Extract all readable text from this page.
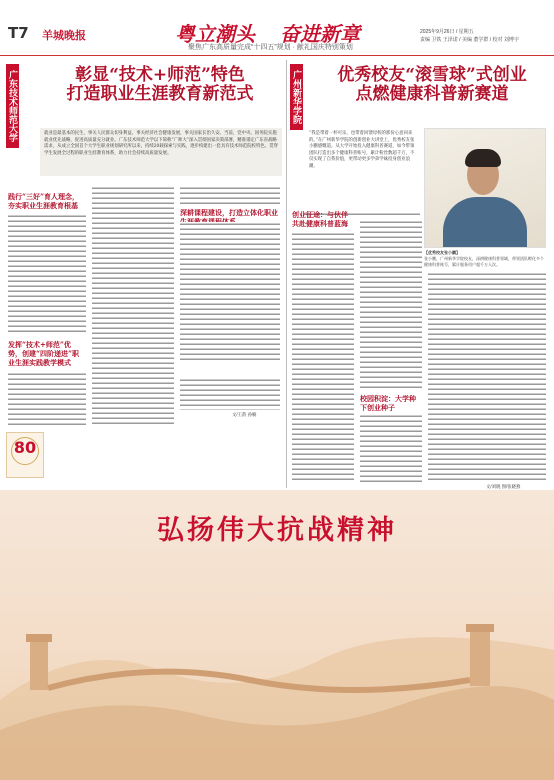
T7 羊城晚报	粤立潮头 奋进新章
聚焦广东高质量完成“十四五”规划 · 献礼国庆特别策划
2025年9月26日 / 星期五
责编 卫铁 王泽诺 / 美编 董学群 / 校对 刘博宇
广东技术师范大学	彰显“技术+师范”特色
打造职业生涯教育新范式
就业是最基本的民生，事关人民群众切身利益，事关经济社会健康发展，事关国家长治久安。当前，党中央、国务院实施就业优先战略，促进高质量充分就业。广东技术师范大学以下简称“广师大”深入贯彻国家决策部署，精准锚定广东省战略需求，从成立全国首个大学生职业规划研究所以来，持续20载探索与实践，逐步构建出一套具有技术师范院校特色、贯穿学生发展全过程的职业生涯教育体系，助力社会持续高质量发展。
践行“三好”育人理念，夯实职业生涯教育根基
发挥“技术+师范”优势，创建“四阶递进”职业生涯实践教学模式
深耕课程建设，打造立体化职业
文/王韵 孙楠
80
广州新华学院	优秀校友“滚雪球”式创业
点燃健康科普新赛道
“我是带着一杯可乐，也带着回馈母校的那份心意回来的。”在广州新华学院的创新创业大讲堂上，优秀校友张小鹏感慨道。从大学开始投入健康科普赛道，如今带领团队打造出多个健康科普账号，累计粉丝数超千万，不仅实现了自我价值，更带动更多学弟学妹投身创业浪潮。
【优秀校友张小鹏】
张小鹏，广州新华学院校友，深耕健康科普领域，带领团队孵化多个健康科普账号，累计服务用户超千万人次。
创业征途：与伙伴共赴健康科普蓝海
校园积淀：大学种下创业种子
文/刘晓 图/张晓燕
弘扬伟大抗战精神
